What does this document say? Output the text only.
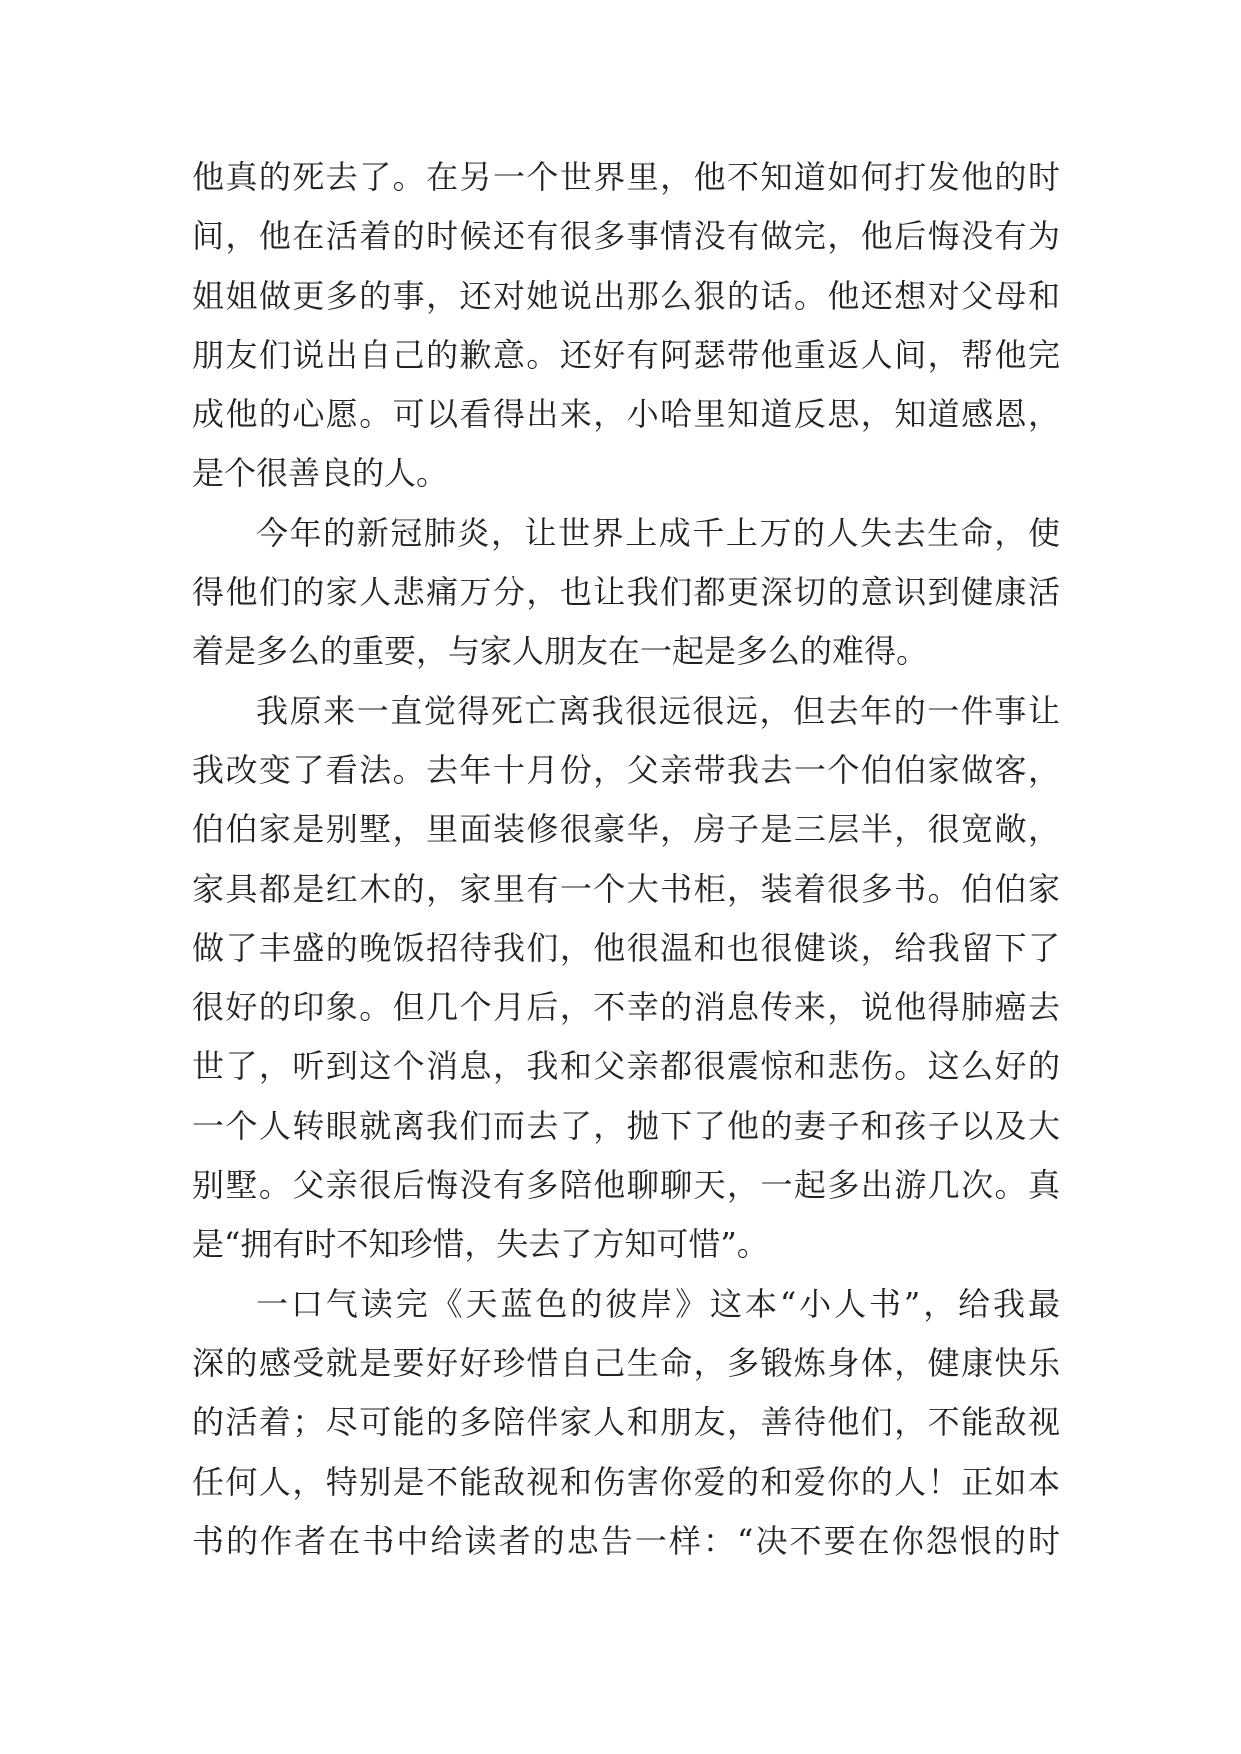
他真的死去了。在另一个世界里，他不知道如何打发他的时
间，他在活着的时候还有很多事情没有做完，他后悔没有为
姐姐做更多的事，还对她说出那么狠的话。他还想对父母和
朋友们说出自己的歉意。还好有阿瑟带他重返人间，帮他完
成他的心愿。可以看得出来，小哈里知道反思，知道感恩，
是个很善良的人。
今年的新冠肺炎，让世界上成千上万的人失去生命，使
得他们的家人悲痛万分，也让我们都更深切的意识到健康活
着是多么的重要，与家人朋友在一起是多么的难得。
我原来一直觉得死亡离我很远很远，但去年的一件事让
我改变了看法。去年十月份，父亲带我去一个伯伯家做客，
伯伯家是别墅，里面装修很豪华，房子是三层半，很宽敞，
家具都是红木的，家里有一个大书柜，装着很多书。伯伯家
做了丰盛的晚饭招待我们，他很温和也很健谈，给我留下了
很好的印象。但几个月后，不幸的消息传来，说他得肺癌去
世了，听到这个消息，我和父亲都很震惊和悲伤。这么好的
一个人转眼就离我们而去了，抛下了他的妻子和孩子以及大
别墅。父亲很后悔没有多陪他聊聊天，一起多出游几次。真
是“拥有时不知珍惜，失去了方知可惜”。
一口气读完《天蓝色的彼岸》这本“小人书”，给我最
深的感受就是要好好珍惜自己生命，多锻炼身体，健康快乐
的活着；尽可能的多陪伴家人和朋友，善待他们，不能敌视
任何人，特别是不能敌视和伤害你爱的和爱你的人！正如本
书的作者在书中给读者的忠告一样：“决不要在你怨恨的时
